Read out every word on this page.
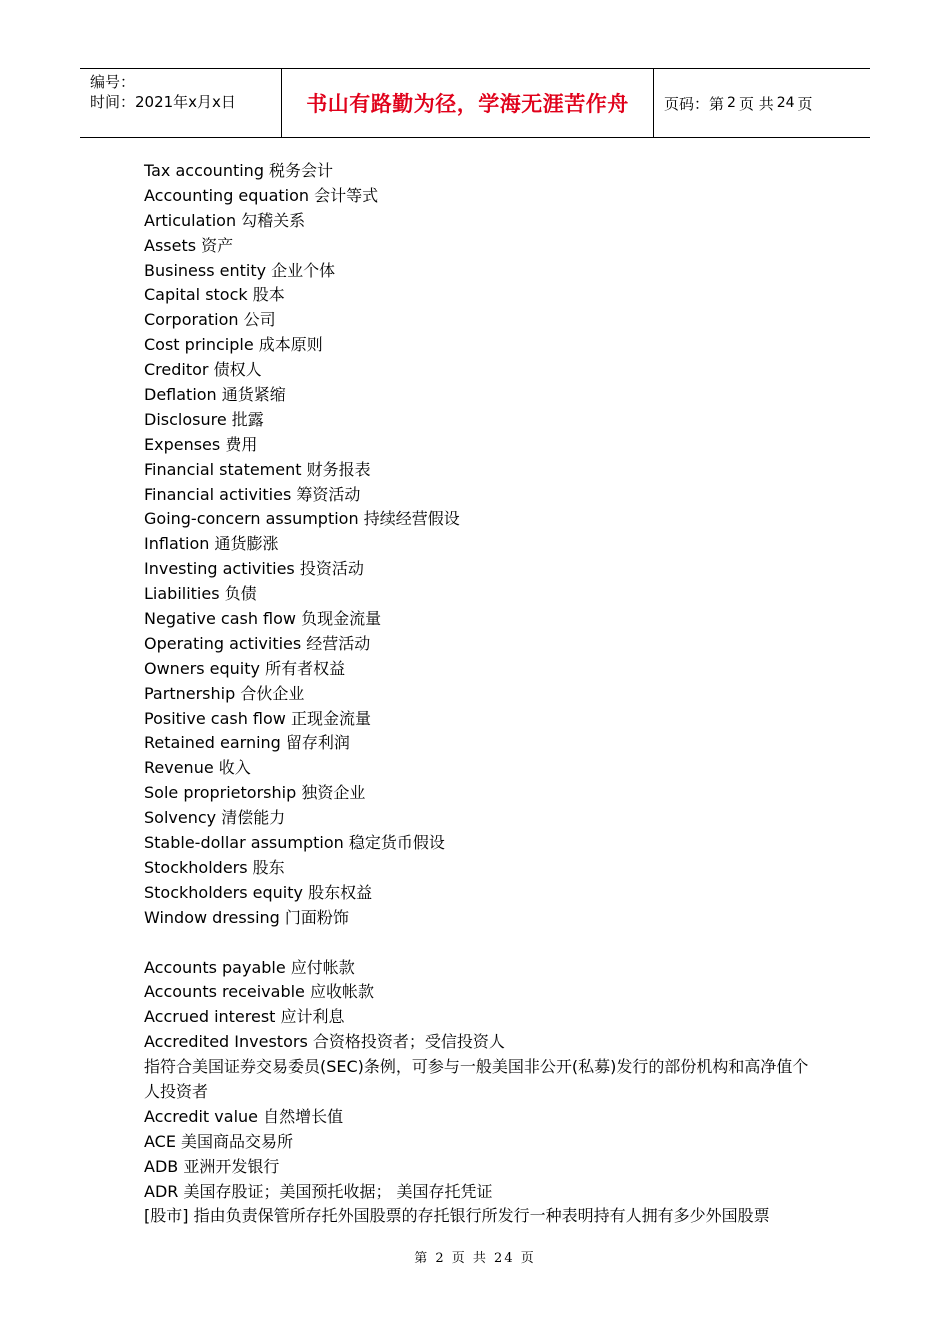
编号：
时间：2021年x月x日	书山有路勤为径，学海无涯苦作舟 页码：第 2 页 共 24 页
Tax accounting 税务会计
Accounting equation 会计等式
Articulation 勾稽关系
Assets 资产
Business entity 企业个体
Capital stock 股本
Corporation 公司
Cost principle 成本原则
Creditor 债权人
Deflation 通货紧缩
Disclosure 批露
Expenses 费用
Financial statement 财务报表
Financial activities 筹资活动
Going-concern assumption 持续经营假设
Inflation 通货膨涨
Investing activities 投资活动
Liabilities 负债
Negative cash flow 负现金流量
Operating activities 经营活动
Owners equity 所有者权益
Partnership 合伙企业
Positive cash flow 正现金流量
Retained earning 留存利润
Revenue 收入
Sole proprietorship 独资企业
Solvency 清偿能力
Stable-dollar assumption 稳定货币假设
Stockholders 股东
Stockholders equity 股东权益
Window dressing 门面粉饰
Accounts payable 应付帐款
Accounts receivable 应收帐款
Accrued interest 应计利息
Accredited Investors 合资格投资者；受信投资人
指符合美国证券交易委员(SEC)条例，可参与一般美国非公开(私募)发行的部份机构和高净值个人投资者
Accredit value 自然增长值
ACE 美国商品交易所
ADB 亚洲开发银行
ADR 美国存股证；美国预托收据； 美国存托凭证
[股市] 指由负责保管所存托外国股票的存托银行所发行一种表明持有人拥有多少外国股票
第 2 页 共 24 页
